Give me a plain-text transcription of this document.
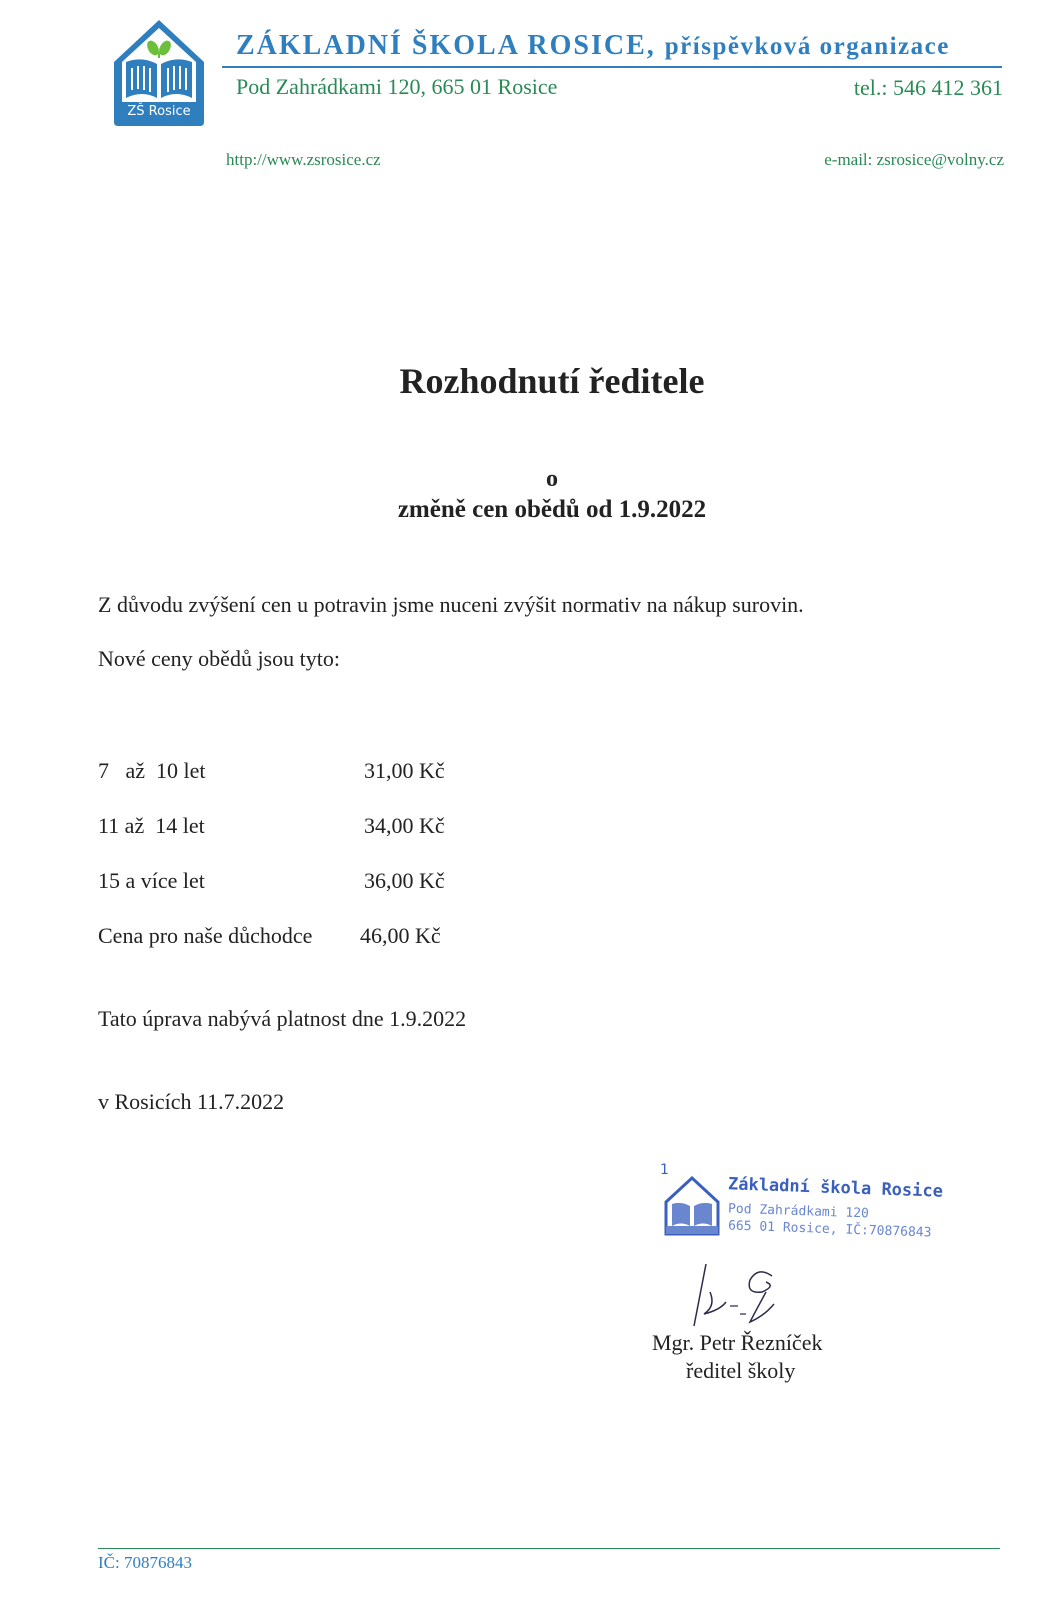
ZŠ Rosice
ZÁKLADNÍ ŠKOLA ROSICE, příspěvková organizace
Pod Zahrádkami 120, 665 01 Rosice	tel.: 546 412 361
http://www.zsrosice.cz	e-mail: zsrosice@volny.cz
Rozhodnutí ředitele
o
změně cen obědů od 1.9.2022
Z důvodu zvýšení cen u potravin jsme nuceni zvýšit normativ na nákup surovin.
Nové ceny obědů jsou tyto:
7   až  10 let	31,00 Kč
11 až  14 let	34,00 Kč
15 a více let	36,00 Kč
Cena pro naše důchodce 46,00 Kč
Tato úprava nabývá platnost dne 1.9.2022
v Rosicích 11.7.2022
1
Základní škola Rosice
Pod Zahrádkami 120
665 01 Rosice, IČ:70876843
Mgr. Petr Řezníček
ředitel školy
IČ: 70876843
